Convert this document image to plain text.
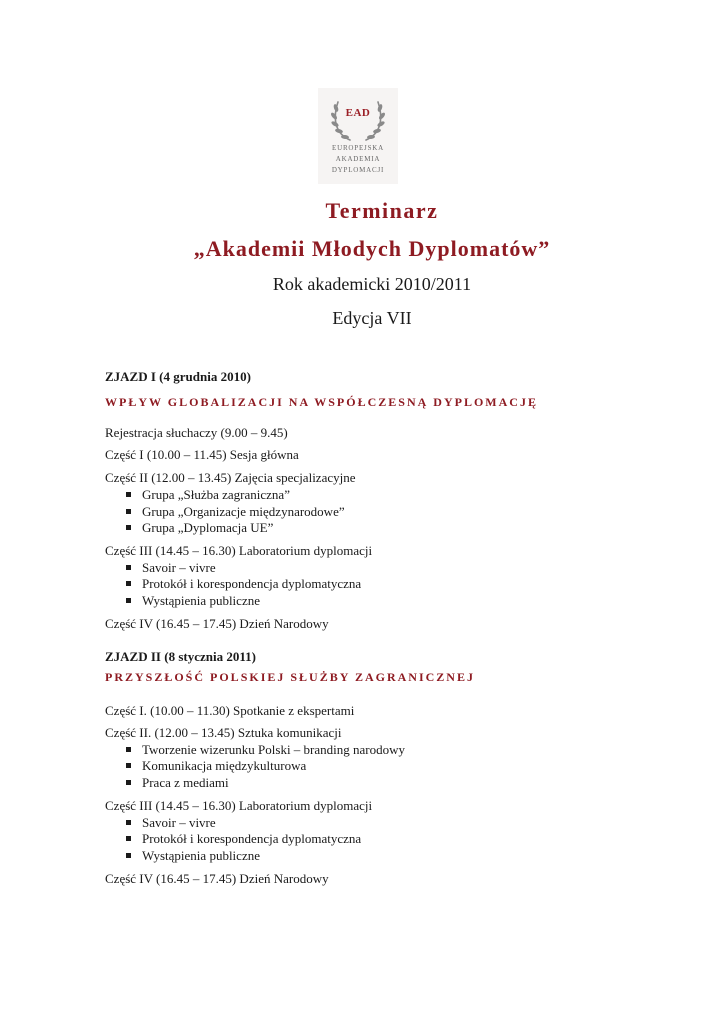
EAD
EUROPEJSKA
AKADEMIA
DYPLOMACJI
Terminarz
„Akademii Młodych Dyplomatów”
Rok akademicki 2010/2011
Edycja VII
ZJAZD I (4 grudnia 2010)
WPŁYW GLOBALIZACJI NA WSPÓŁCZESNĄ DYPLOMACJĘ
Rejestracja słuchaczy (9.00 – 9.45)
Część I (10.00 – 11.45) Sesja główna
Część II (12.00 – 13.45) Zajęcia specjalizacyjne
Grupa „Służba zagraniczna”
Grupa „Organizacje międzynarodowe”
Grupa „Dyplomacja UE”
Część III (14.45 – 16.30) Laboratorium dyplomacji
Savoir – vivre
Protokół i korespondencja dyplomatyczna
Wystąpienia publiczne
Część IV (16.45 – 17.45) Dzień Narodowy
ZJAZD II (8 stycznia 2011)
PRZYSZŁOŚĆ POLSKIEJ SŁUŻBY ZAGRANICZNEJ
Część I. (10.00 – 11.30) Spotkanie z ekspertami
Część II. (12.00 – 13.45) Sztuka komunikacji
Tworzenie wizerunku Polski – branding narodowy
Komunikacja międzykulturowa
Praca z mediami
Część III (14.45 – 16.30) Laboratorium dyplomacji
Savoir – vivre
Protokół i korespondencja dyplomatyczna
Wystąpienia publiczne
Część IV (16.45 – 17.45) Dzień Narodowy
